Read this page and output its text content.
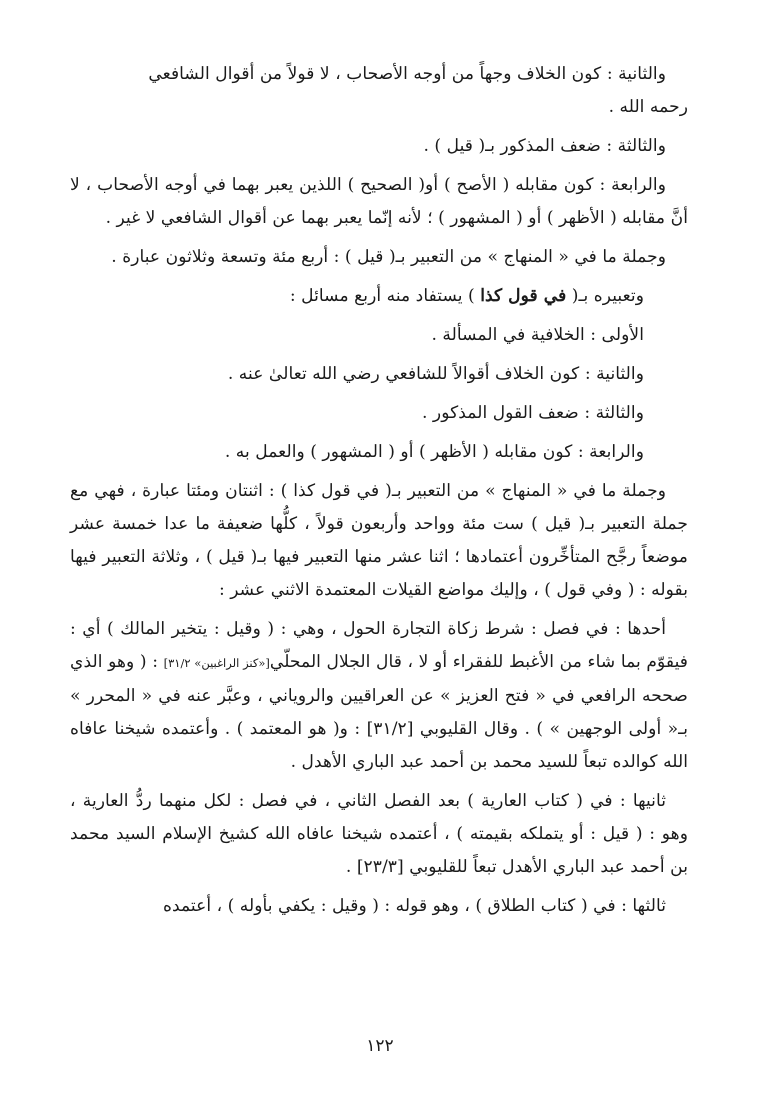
والثانية : كون الخلاف وجهاً من أوجه الأصحاب ، لا قولاً من أقوال الشافعي
رحمه الله .

والثالثة : ضعف المذكور بـ( قيل ) .

والرابعة : كون مقابله ( الأصح ) أو( الصحيح ) اللذين يعبر بهما في أوجه الأصحاب ، لا أنَّ مقابله ( الأظهر ) أو ( المشهور ) ؛ لأنه إنّما يعبر بهما عن أقوال الشافعي لا غير .

وجملة ما في « المنهاج » من التعبير بـ( قيل ) : أربع مئة وتسعة وثلاثون عبارة .

وتعبيره بـ( في قول كذا ) يستفاد منه أربع مسائل :

الأولى : الخلافية في المسألة .

والثانية : كون الخلاف أقوالاً للشافعي رضي الله تعالىٰ عنه .

والثالثة : ضعف القول المذكور .

والرابعة : كون مقابله ( الأظهر ) أو ( المشهور ) والعمل به .

وجملة ما في « المنهاج » من التعبير بـ( في قول كذا ) : اثنتان ومئتا عبارة ، فهي مع جملة التعبير بـ( قيل ) ست مئة وواحد وأربعون قولاً ، كلُّها ضعيفة ما عدا خمسة عشر موضعاً رجَّح المتأخِّرون أعتمادها ؛ اثنا عشر منها التعبير فيها بـ( قيل ) ، وثلاثة التعبير فيها بقوله : ( وفي قول ) ، وإليك مواضع القيلات المعتمدة الاثني عشر :

أحدها : في فصل : شرط زكاة التجارة الحول ، وهي : ( وقيل : يتخير المالك ) أي : فيقوّم بما شاء من الأغبط للفقراء أو لا ، قال الجلال المحلّي[«كنز الراغبين» ٣١/٢] : ( وهو الذي صححه الرافعي في « فتح العزيز » عن العراقيين والروياني ، وعبَّر عنه في « المحرر » بـ« أولى الوجهين » ) . وقال القليوبي [٣١/٢] : و( هو المعتمد ) . وأعتمده شيخنا عافاه الله كوالده تبعاً للسيد محمد بن أحمد عبد الباري الأهدل .

ثانيها : في ( كتاب العارية ) بعد الفصل الثاني ، في فصل : لكل منهما ردُّ العارية ، وهو : ( قيل : أو يتملكه بقيمته ) ، أعتمده شيخنا عافاه الله كشيخ الإسلام السيد محمد بن أحمد عبد الباري الأهدل تبعاً للقليوبي [٢٣/٣] .

ثالثها : في ( كتاب الطلاق ) ، وهو قوله : ( وقيل : يكفي بأوله ) ، أعتمده

١٢٢
